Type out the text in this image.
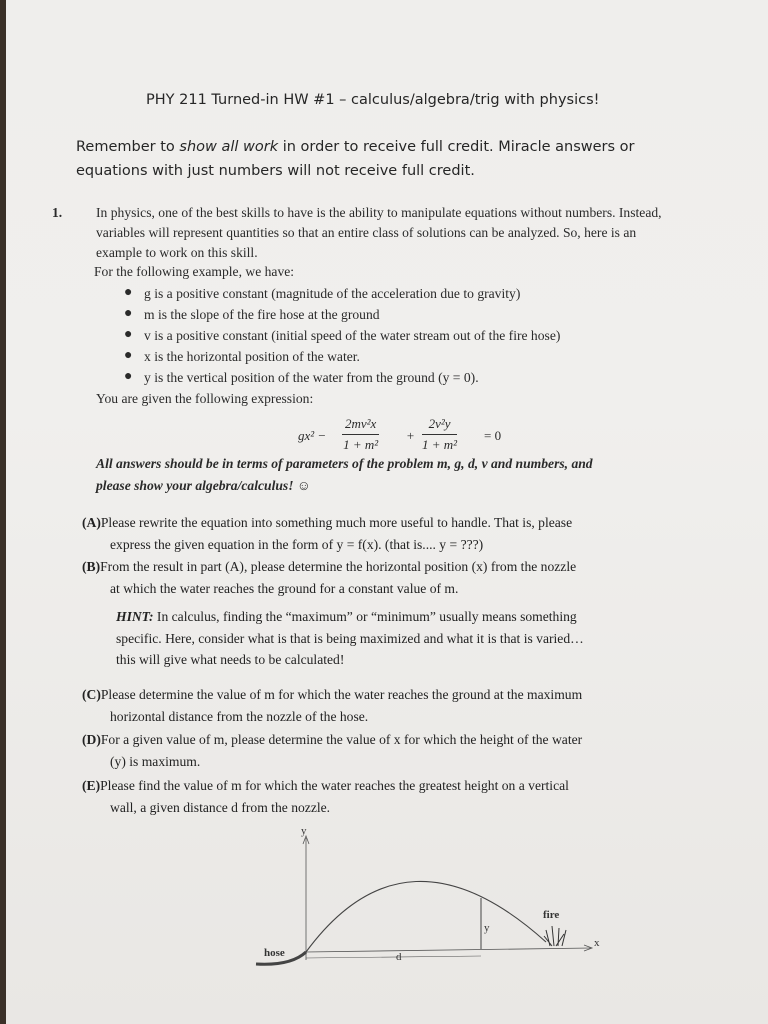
PHY 211 Turned-in HW #1 – calculus/algebra/trig with physics!
Remember to show all work in order to receive full credit. Miracle answers or
equations with just numbers will not receive full credit.
1. In physics, one of the best skills to have is the ability to manipulate equations without numbers. Instead, variables will represent quantities so that an entire class of solutions can be analyzed. So, here is an example to work on this skill.
For the following example, we have:
● g is a positive constant (magnitude of the acceleration due to gravity)
● m is the slope of the fire hose at the ground
● v is a positive constant (initial speed of the water stream out of the fire hose)
● x is the horizontal position of the water.
● y is the vertical position of the water from the ground (y = 0).
You are given the following expression:
$gx^2 - \frac{\text{2mv²x}}{\text{1 + m²}} + \frac{\text{2v²y}}{\text{1 + m²}} = 0$
All answers should be in terms of parameters of the problem m, g, d, v and numbers, and
please show your algebra/calculus! ☺
(A)Please rewrite the equation into something much more useful to handle. That is, please
express the given equation in the form of y = f(x). (that is.... y = ???)
(B)From the result in part (A), please determine the horizontal position (x) from the nozzle
at which the water reaches the ground for a constant value of m.
HINT: In calculus, finding the “maximum” or “minimum” usually means something
specific. Here, consider what is that is being maximized and what it is that is varied…
this will give what needs to be calculated!
(C)Please determine the value of m for which the water reaches the ground at the maximum
horizontal distance from the nozzle of the hose.
(D)For a given value of m, please determine the value of x for which the height of the water
(y) is maximum.
(E)Please find the value of m for which the water reaches the greatest height on a vertical
wall, a given distance d from the nozzle.
y
x
hose
y
d
fire
